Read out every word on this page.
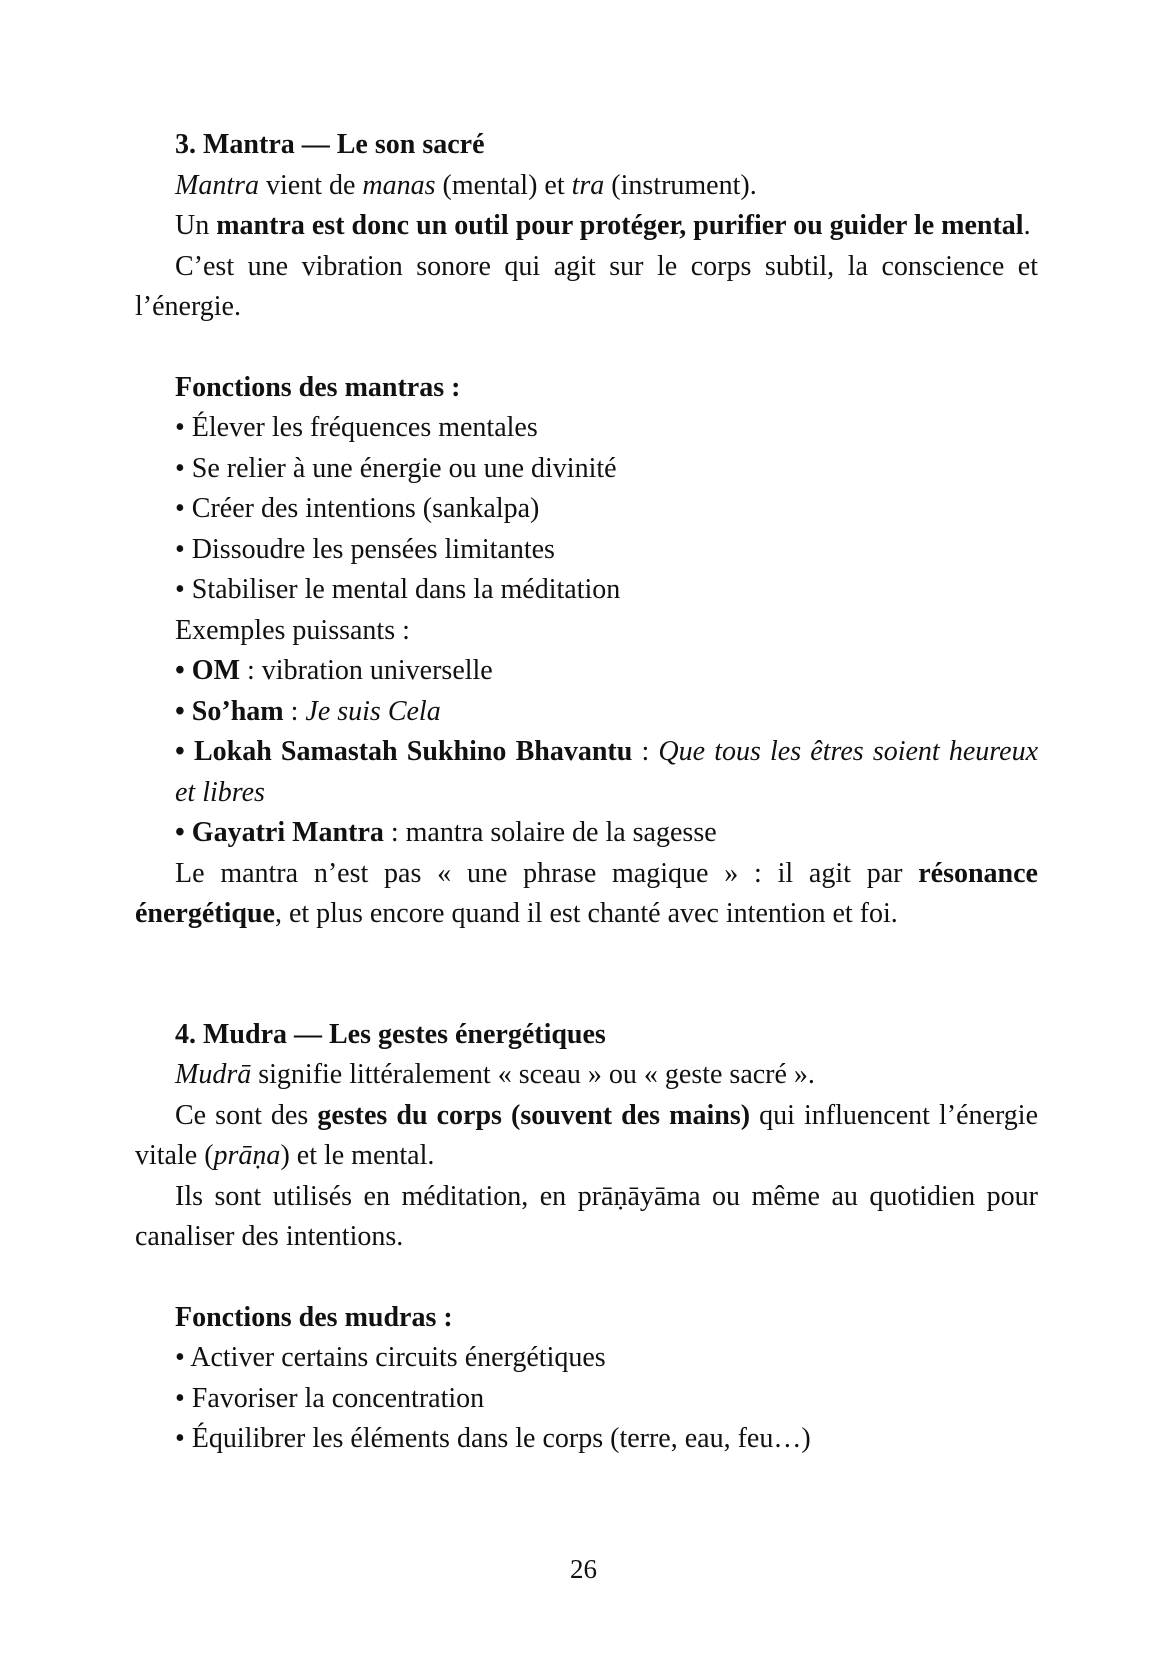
3. Mantra — Le son sacré

Mantra vient de manas (mental) et tra (instrument).

Un mantra est donc un outil pour protéger, purifier ou guider le mental.

C’est une vibration sonore qui agit sur le corps subtil, la conscience et l’énergie.

Fonctions des mantras :

• Élever les fréquences mentales

• Se relier à une énergie ou une divinité

• Créer des intentions (sankalpa)

• Dissoudre les pensées limitantes

• Stabiliser le mental dans la méditation

Exemples puissants :

• OM : vibration universelle

• So’ham : Je suis Cela

• Lokah Samastah Sukhino Bhavantu : Que tous les êtres soient heureux et libres

• Gayatri Mantra : mantra solaire de la sagesse

Le mantra n’est pas « une phrase magique » : il agit par résonance énergétique, et plus encore quand il est chanté avec intention et foi.

4. Mudra — Les gestes énergétiques

Mudrā signifie littéralement « sceau » ou « geste sacré ».

Ce sont des gestes du corps (souvent des mains) qui influencent l’énergie vitale (prāṇa) et le mental.

Ils sont utilisés en méditation, en prāṇāyāma ou même au quotidien pour canaliser des intentions.

Fonctions des mudras :

• Activer certains circuits énergétiques

• Favoriser la concentration

• Équilibrer les éléments dans le corps (terre, eau, feu…)

26
